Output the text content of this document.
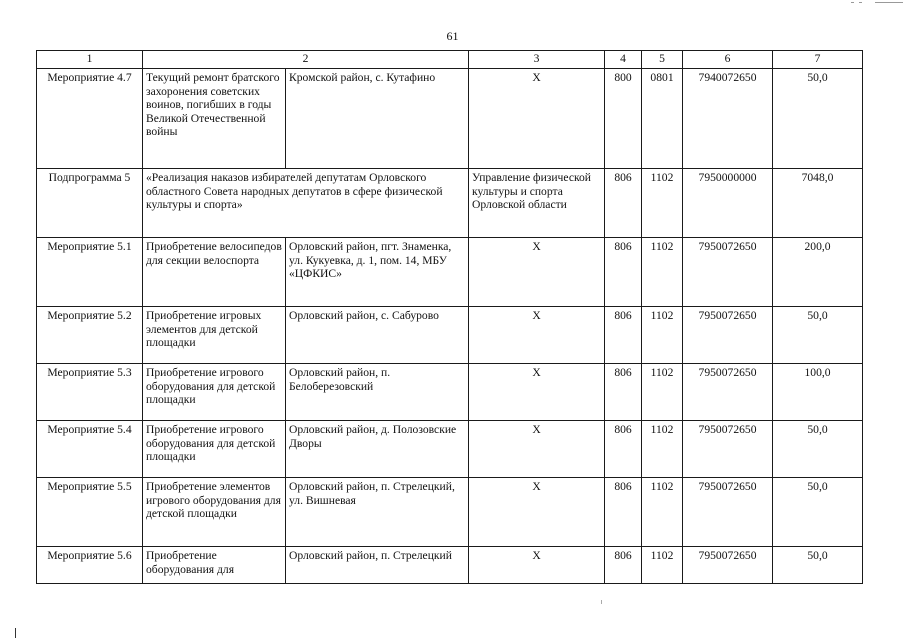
61
1	2		3	4	5	6	7
Мероприятие 4.7	Текущий ремонт братского захоронения советских воинов, погибших в годы Великой Отечественной войны	Кромской район, с. Кутафино	Х	800	0801	7940072650	50,0
Подпрограмма 5	«Реализация наказов избирателей депутатам Орловского областного Совета народных депутатов в сфере физической культуры и спорта»		Управление физической культуры и спорта Орловской области	806	1102	7950000000	7048,0
Мероприятие 5.1	Приобретение велосипедов для секции велоспорта	Орловский район, пгт. Знаменка, ул. Кукуевка, д. 1, пом. 14, МБУ «ЦФКИС»	Х	806	1102	7950072650	200,0
Мероприятие 5.2	Приобретение игровых элементов для детской площадки	Орловский район, с. Сабурово	Х	806	1102	7950072650	50,0
Мероприятие 5.3	Приобретение игрового оборудования для детской площадки	Орловский район, п. Белоберезовский	Х	806	1102	7950072650	100,0
Мероприятие 5.4	Приобретение игрового оборудования для детской площадки	Орловский район, д. Полозовские Дворы	Х	806	1102	7950072650	50,0
Мероприятие 5.5	Приобретение элементов игрового оборудования для детской площадки	Орловский район, п. Стрелецкий, ул. Вишневая	Х	806	1102	7950072650	50,0
Мероприятие 5.6	Приобретение оборудования для	Орловский район, п. Стрелецкий	Х	806	1102	7950072650	50,0
